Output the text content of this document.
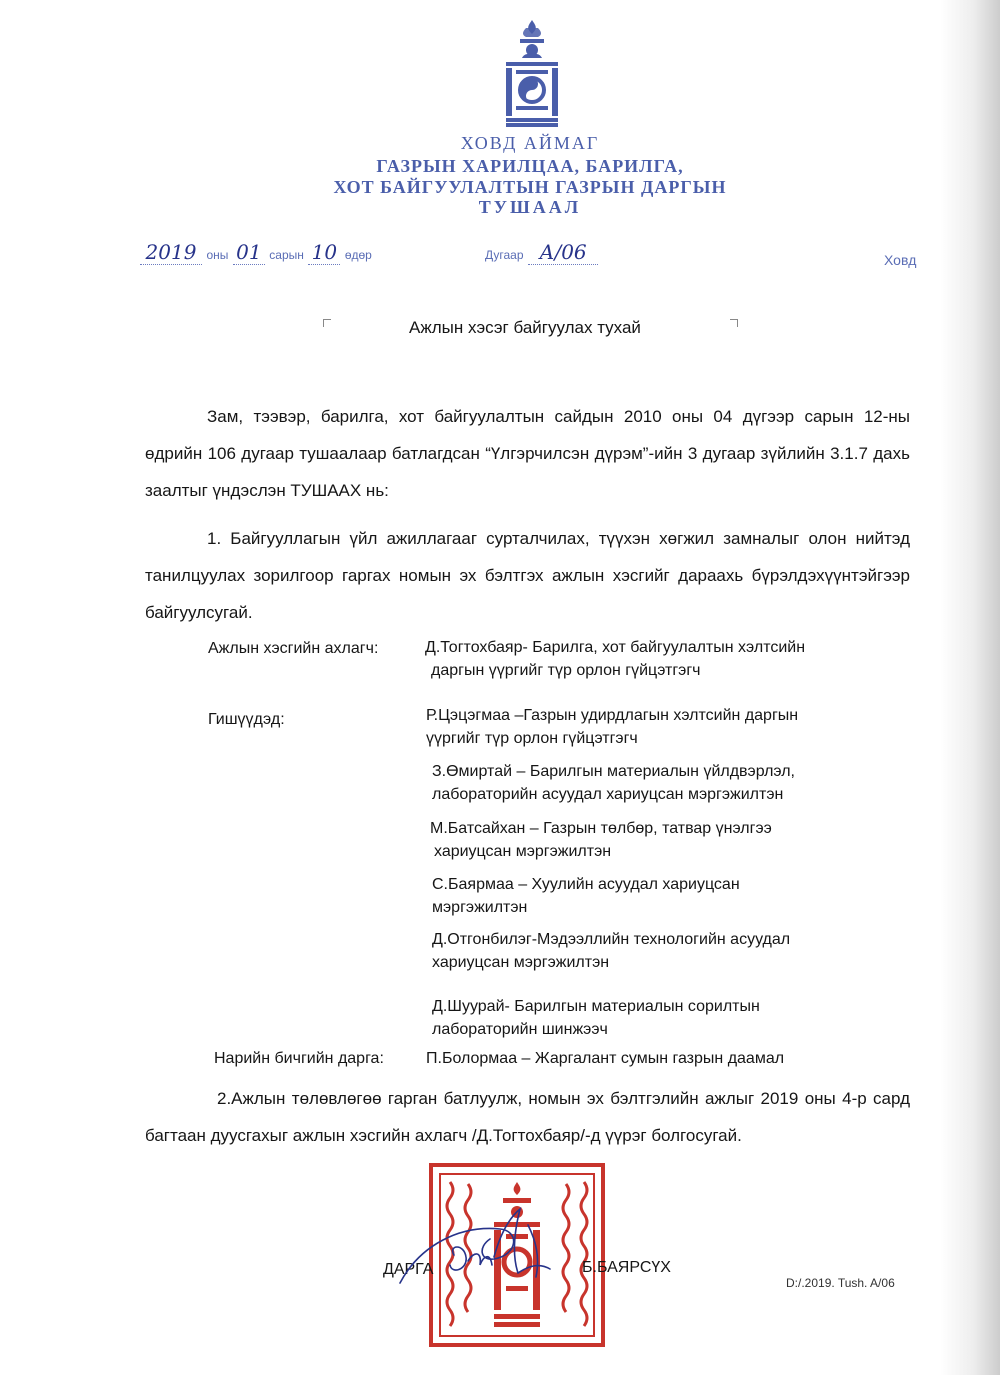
ХОВД АЙМАГ
ГАЗРЫН ХАРИЛЦАА, БАРИЛГА,
ХОТ БАЙГУУЛАЛТЫН ГАЗРЫН ДАРГЫН
ТУШААЛ
2019 оны 01 сарын 10 өдөр	Дугаар А/06	Ховд
Ажлын хэсэг байгуулах тухай
Зам, тээвэр, барилга, хот байгуулалтын сайдын 2010 оны 04 дүгээр сарын 12-ны өдрийн 106 дугаар тушаалаар батлагдсан “Үлгэрчилсэн дүрэм”-ийн 3 дугаар зүйлийн 3.1.7 дахь заалтыг үндэслэн ТУШААХ нь:
1. Байгууллагын үйл ажиллагааг сурталчилах, түүхэн хөгжил замналыг олон нийтэд танилцуулах зорилгоор гаргах номын эх бэлтгэх ажлын хэсгийг дараахь бүрэлдэхүүнтэйгээр байгуулсугай.
Ажлын хэсгийн ахлагч:	Д.Тогтохбаяр- Барилга, хот байгуулалтын хэлтсийн
даргын үүргийг түр орлон гүйцэтгэгч
Гишүүдэд:	Р.Цэцэгмаа –Газрын удирдлагын хэлтсийн даргын
үүргийг түр орлон гүйцэтгэгч
З.Өмиртай – Барилгын материалын үйлдвэрлэл,
лабораторийн асуудал хариуцсан мэргэжилтэн
М.Батсайхан – Газрын төлбөр, татвар үнэлгээ
хариуцсан мэргэжилтэн
С.Баярмаа – Хуулийн асуудал хариуцсан
мэргэжилтэн
Д.Отгонбилэг-Мэдээллийн технологийн асуудал
хариуцсан мэргэжилтэн
Д.Шуурай- Барилгын материалын сорилтын
лабораторийн шинжээч
Нарийн бичгийн дарга:	П.Болормаа – Жаргалант сумын газрын даамал
2.Ажлын төлөвлөгөө гарган батлуулж, номын эх бэлтгэлийн ажлыг 2019 оны 4-р сард багтаан дуусгахыг ажлын хэсгийн ахлагч /Д.Тогтохбаяр/-д үүрэг болгосугай.
ДАРГА	Б.БАЯРСҮХ
D:/.2019. Tush. A/06
